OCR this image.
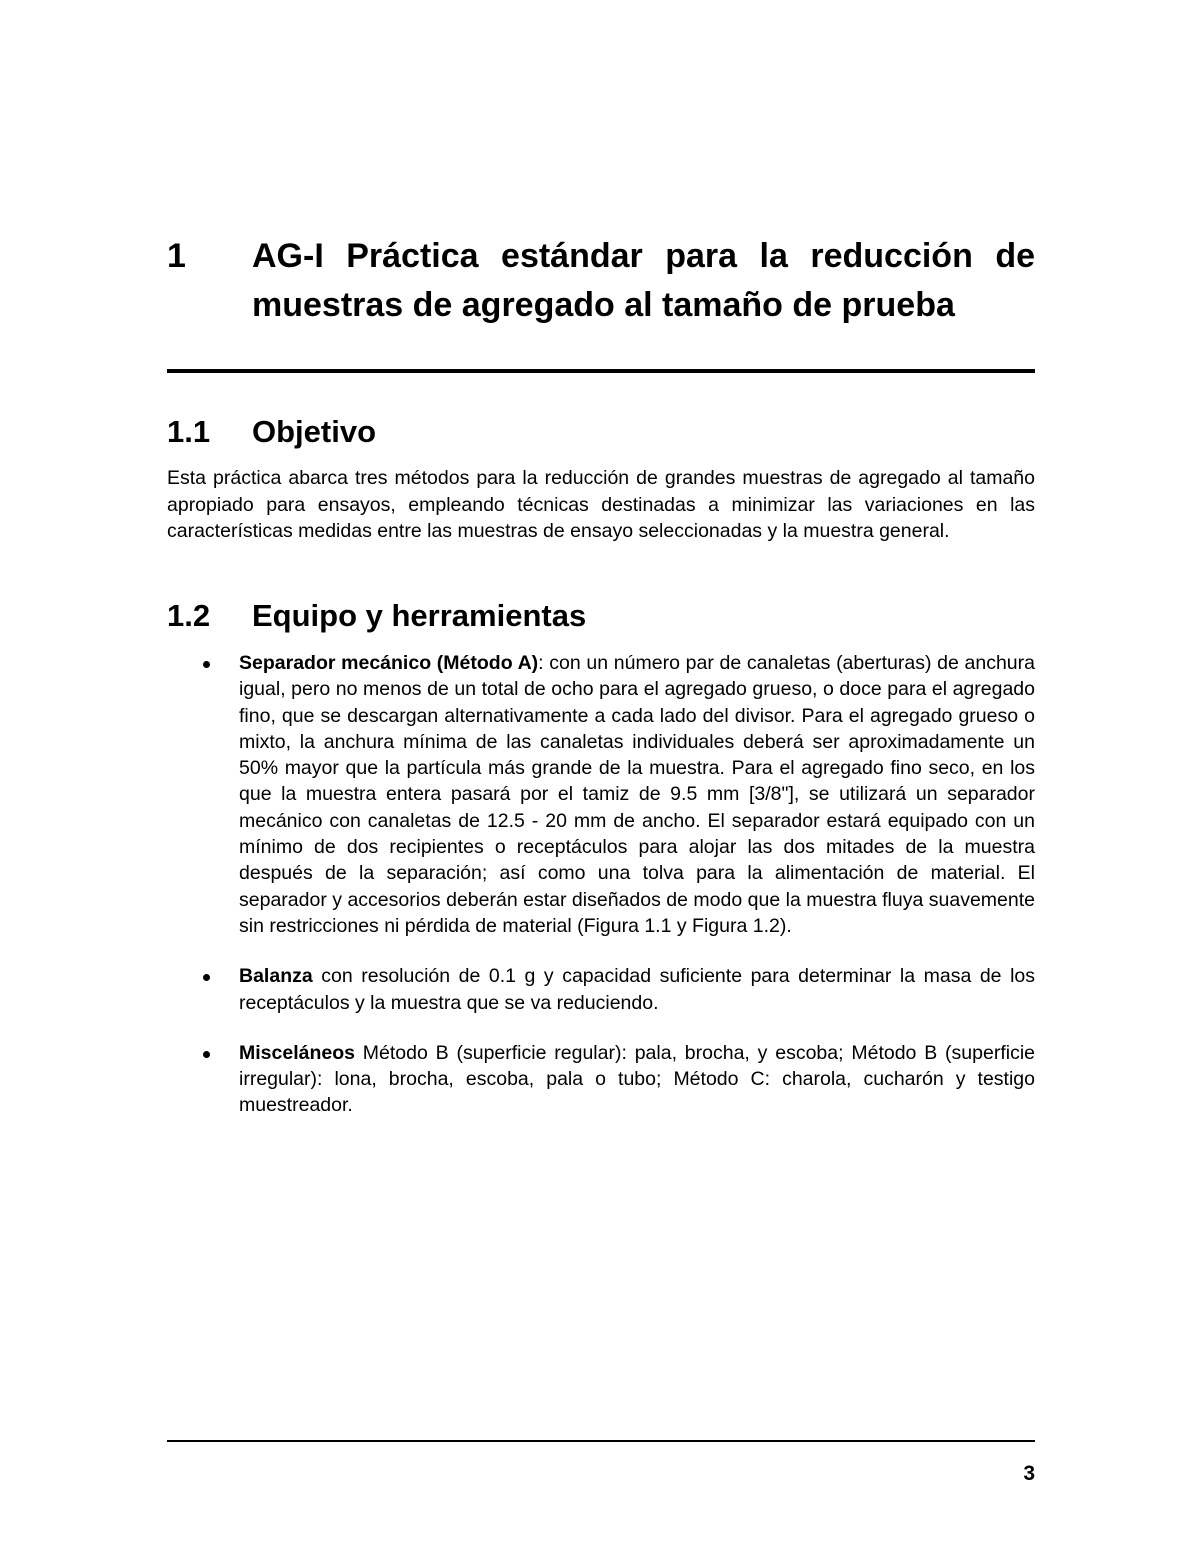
1 AG-I Práctica estándar para la reducción de muestras de agregado al tamaño de prueba
1.1 Objetivo

Esta práctica abarca tres métodos para la reducción de grandes muestras de agregado al tamaño apropiado para ensayos, empleando técnicas destinadas a minimizar las variaciones en las características medidas entre las muestras de ensayo seleccionadas y la muestra general.

1.2 Equipo y herramientas
Separador mecánico (Método A): con un número par de canaletas (aberturas) de anchura igual, pero no menos de un total de ocho para el agregado grueso, o doce para el agregado fino, que se descargan alternativamente a cada lado del divisor. Para el agregado grueso o mixto, la anchura mínima de las canaletas individuales deberá ser aproximadamente un 50% mayor que la partícula más grande de la muestra. Para el agregado fino seco, en los que la muestra entera pasará por el tamiz de 9.5 mm [3/8"], se utilizará un separador mecánico con canaletas de 12.5 - 20 mm de ancho. El separador estará equipado con un mínimo de dos recipientes o receptáculos para alojar las dos mitades de la muestra después de la separación; así como una tolva para la alimentación de material. El separador y accesorios deberán estar diseñados de modo que la muestra fluya suavemente sin restricciones ni pérdida de material (Figura 1.1 y Figura 1.2).
Balanza con resolución de 0.1 g y capacidad suficiente para determinar la masa de los receptáculos y la muestra que se va reduciendo.
Misceláneos Método B (superficie regular): pala, brocha, y escoba; Método B (superficie irregular): lona, brocha, escoba, pala o tubo; Método C: charola, cucharón y testigo muestreador.
3
